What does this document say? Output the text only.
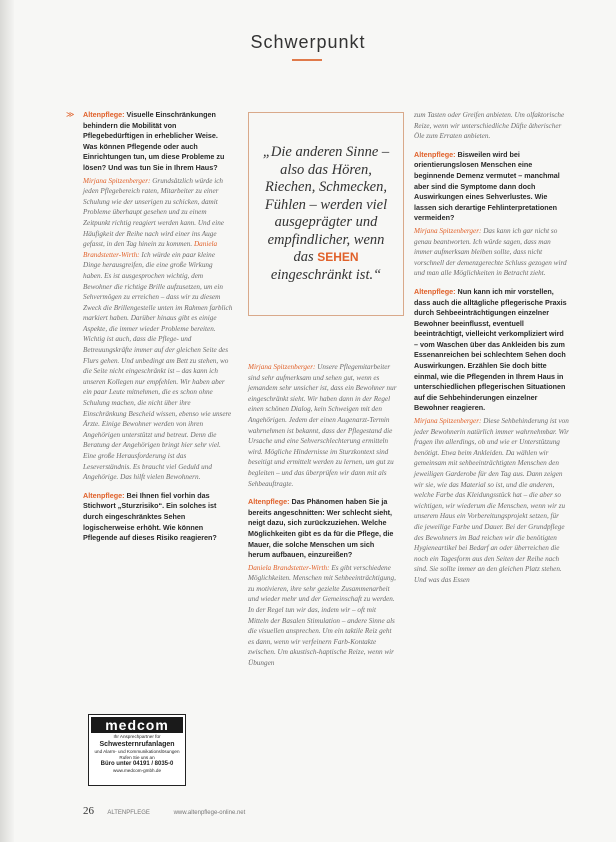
Schwerpunkt
≫ Altenpflege: Visuelle Einschränkungen behindern die Mobilität von Pflegebedürftigen in erheblicher Weise. Was können Pflegende oder auch Einrichtungen tun, um diese Probleme zu lösen? Und was tun Sie in Ihrem Haus?

Mirjana Spitzenberger: Grundsätzlich würde ich jeden Pflegebereich raten, Mitarbeiter zu einer Schulung wie der unserigen zu schicken, damit Probleme überhaupt gesehen und zu einem Zeitpunkt richtig reagiert werden kann. Und eine Häufigkeit der Reihe nach wird einer ins Auge gefasst, in den Tag hinein zu kommen. Daniela Brandstetter-Wirth: Ich würde ein paar kleine Dinge herausgreifen, die eine große Wirkung haben. Es ist ausgesprochen wichtig, dem Bewohner die richtige Brille aufzusetzen, um ein Sehvermögen zu erreichen – dass wir zu diesem Zweck die Brillengestelle unten im Rahmen farblich markiert haben. Darüber hinaus gibt es einige Aspekte, die immer wieder Probleme bereiten. Wichtig ist auch, dass die Pflege- und Betreuungskräfte immer auf der gleichen Seite des Flurs gehen. Und unbedingt am Bett zu stehen, wo die Seite nicht eingeschränkt ist – das kann ich unseren Kollegen nur empfehlen. Wir haben aber ein paar Leute mitnehmen, die es schon ohne Schulung machen, die nicht über ihre Einschränkung Bescheid wissen, ebenso wie unsere Ärzte. Einige Bewohner werden von ihren Angehörigen unterstützt und betreut. Denn die Beratung der Angehörigen bringt hier sehr viel. Eine große Herausforderung ist das Leseverständnis. Es braucht viel Geduld und Angehörige. Das hilft vielen Bewohnern.

Altenpflege: Bei Ihnen fiel vorhin das Stichwort „Sturzrisiko“. Ein solches ist durch eingeschränktes Sehen logischerweise erhöht. Wie können Pflegende auf dieses Risiko reagieren?

„Die anderen Sinne – also das Hören, Riechen, Schmecken, Fühlen – werden viel ausgeprägter und empfindlicher, wenn das SEHEN eingeschränkt ist.“

Mirjana Spitzenberger: Unsere Pflegemitarbeiter sind sehr aufmerksam und sehen gut, wenn es jemandem sehr unsicher ist, dass ein Bewohner nur eingeschränkt sieht. Wir haben dann in der Regel einen schönen Dialog, kein Schweigen mit den Angehörigen. Jedem der einen Augenarzt-Termin wahrnehmen ist bekannt, dass der Pflegestand die Ursache und eine Sehverschlechterung ermitteln wird. Mögliche Hindernisse im Sturzkontext sind beseitigt und ermittelt werden zu lernen, um gut zu begleiten – und das überprüfen wir dann mit als Sehbeauftragte.

Altenpflege: Das Phänomen haben Sie ja bereits angeschnitten: Wer schlecht sieht, neigt dazu, sich zurückzuziehen. Welche Möglichkeiten gibt es da für die Pflege, die Mauer, die solche Menschen um sich herum aufbauen, einzureißen?

Daniela Brandstetter-Wirth: Es gibt verschiedene Möglichkeiten. Menschen mit Sehbeeinträchtigung, zu motivieren, ihre sehr gezielte Zusammenarbeit und wieder mehr und der Gemeinschaft zu werden. In der Regel tun wir das, indem wir – oft mit Mitteln der Basalen Stimulation – andere Sinne als die visuellen ansprechen. Um ein taktile Reiz geht es dann, wenn wir verfeinern Farb-Kontakte zwischen. Um akustisch-haptische Reize, wenn wir Übungen

zum Tasten oder Greifen anbieten. Um olfaktorische Reize, wenn wir unterschiedliche Düfte ätherischer Öle zum Erraten anbieten.

Altenpflege: Bisweilen wird bei orientierungslosen Menschen eine beginnende Demenz vermutet – manchmal aber sind die Symptome dann doch Auswirkungen eines Sehverlustes. Wie lassen sich derartige Fehlinterpretationen vermeiden?

Mirjana Spitzenberger: Das kann ich gar nicht so genau beantworten. Ich würde sagen, dass man immer aufmerksam bleiben sollte, dass nicht vorschnell der demenzgerechte Schluss gezogen wird und man alle Möglichkeiten in Betracht zieht.

Altenpflege: Nun kann ich mir vorstellen, dass auch die alltägliche pflegerische Praxis durch Sehbeeinträchtigungen einzelner Bewohner beeinflusst, eventuell beeinträchtigt, vielleicht verkompliziert wird – vom Waschen über das Ankleiden bis zum Essenanreichen bei schlechtem Sehen doch Auswirkungen. Erzählen Sie doch bitte einmal, wie die Pflegenden in Ihrem Haus in unterschiedlichen pflegerischen Situationen auf die Sehbehinderungen einzelner Bewohner reagieren.

Mirjana Spitzenberger: Diese Sehbehinderung ist von jeder Bewohnerin natürlich immer wahrnehmbar. Wir fragen ihn allerdings, ob und wie er Unterstützung benötigt. Etwa beim Ankleiden. Da wählen wir gemeinsam mit sehbeeinträchtigten Menschen den jeweiligen Garderobe für den Tag aus. Dann zeigen wir sie, wie das Material so ist, und die anderen, welche Farbe das Kleidungsstück hat – die aber so wichtigen, wir wiederum die Menschen, wenn wir zu unserem Haus ein Vorbereitungsprojekt setzen, für die jeweilige Farbe und Dauer. Bei der Grundpflege des Bewohners im Bad reichen wir die benötigten Hygieneartikel bei Bedarf an oder überreichen die noch ein Tagesform aus den Seiten der Reihe nach sind. Sie sollte immer an den gleichen Platz stehen. Und was das Essen

medcom
Ihr Ansprechpartner für
Schwesternrufanlagen
und Alarm- und Kommunikationslösungen
Rufen Sie uns an
Büro unter 04191 / 8035-0
www.medcom-gmbh.de
26 ALTENPFLEGE	www.altenpflege-online.net
